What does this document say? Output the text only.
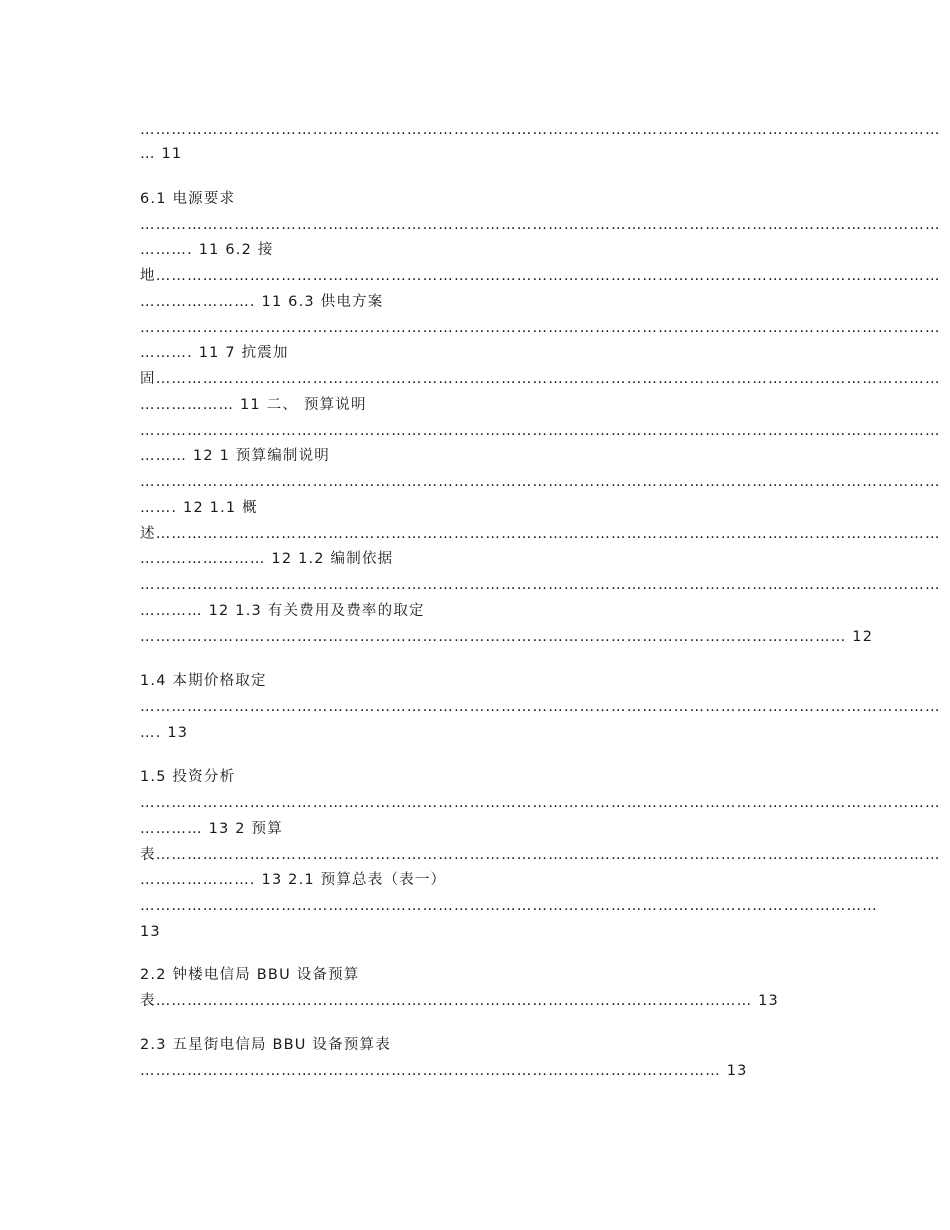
………………………………………………………………………………………………………………………………………
… 11
6.1 电源要求
………………………………………………………………………………………………………………………………………
………. 11 6.2 接
地……………………………………………………………………………………………………………………………………
…………………. 11 6.3 供电方案
………………………………………………………………………………………………………………………………………
………. 11 7 抗震加
固……………………………………………………………………………………………………………………………………
……………… 11 二、 预算说明
………………………………………………………………………………………………………………………………………
……… 12 1 预算编制说明
………………………………………………………………………………………………………………………………………
……. 12 1.1 概
述……………………………………………………………………………………………………………………………………
…………………… 12 1.2 编制依据
………………………………………………………………………………………………………………………………………
………… 12 1.3 有关费用及费率的取定
……………………………………………………………………………………………………………………… 12
1.4 本期价格取定
………………………………………………………………………………………………………………………………………
…. 13
1.5 投资分析
………………………………………………………………………………………………………………………………………
………… 13 2 预算
表……………………………………………………………………………………………………………………………………
…………………. 13 2.1 预算总表（表一）
……………………………………………………………………………………………………………………………
13
2.2 钟楼电信局 BBU 设备预算
表…………………………………………………………………………………………………… 13
2.3 五星街电信局 BBU 设备预算表
………………………………………………………………………………………………… 13
